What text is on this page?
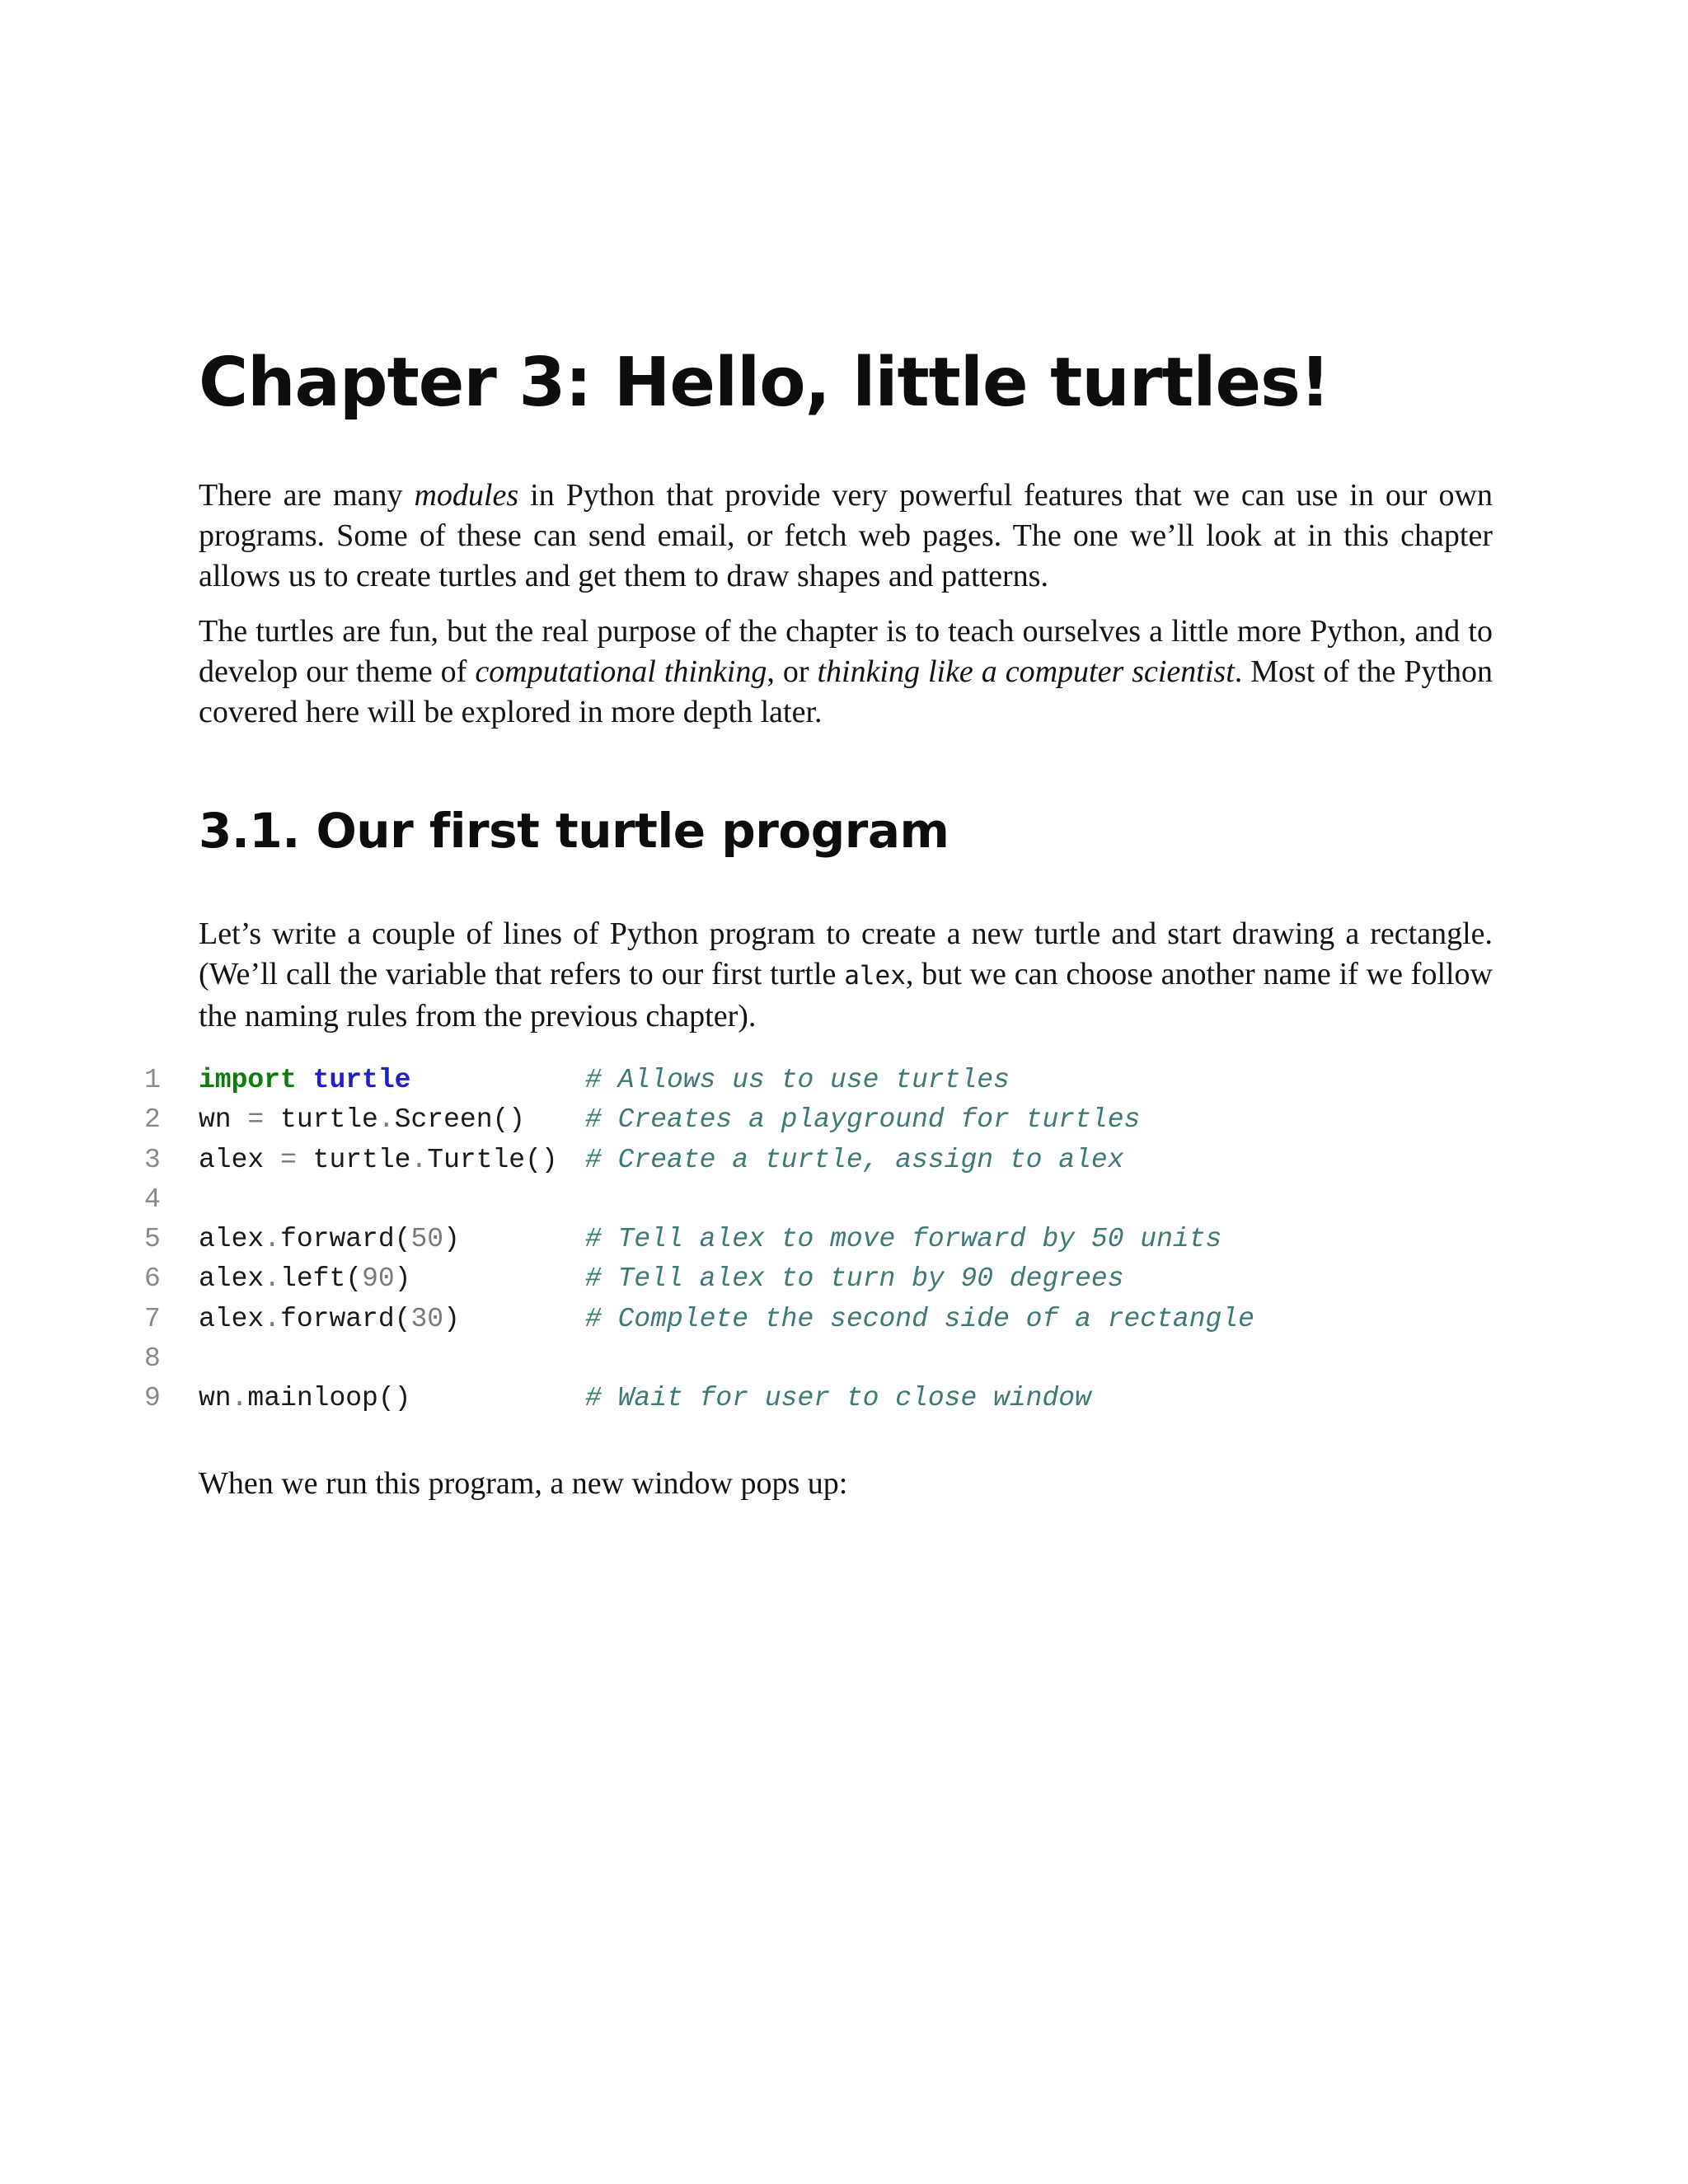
Chapter 3: Hello, little turtles!

There are many modules in Python that provide very powerful features that we can use in our own programs. Some of these can send email, or fetch web pages. The one we’ll look at in this chapter allows us to create turtles and get them to draw shapes and patterns.

The turtles are fun, but the real purpose of the chapter is to teach ourselves a little more Python, and to develop our theme of computational thinking, or thinking like a computer scientist. Most of the Python covered here will be explored in more depth later.

3.1. Our first turtle program

Let’s write a couple of lines of Python program to create a new turtle and start drawing a rectangle. (We’ll call the variable that refers to our first turtle alex, but we can choose another name if we follow the naming rules from the previous chapter).

1	import turtle	# Allows us to use turtles
2	wn = turtle.Screen() # Creates a playground for turtles
3	alex = turtle.Turtle() # Create a turtle, assign to alex
4
5	alex.forward(50)	# Tell alex to move forward by 50 units
6	alex.left(90)	# Tell alex to turn by 90 degrees
7	alex.forward(30)	# Complete the second side of a rectangle
8
9	wn.mainloop()	# Wait for user to close window

When we run this program, a new window pops up:
